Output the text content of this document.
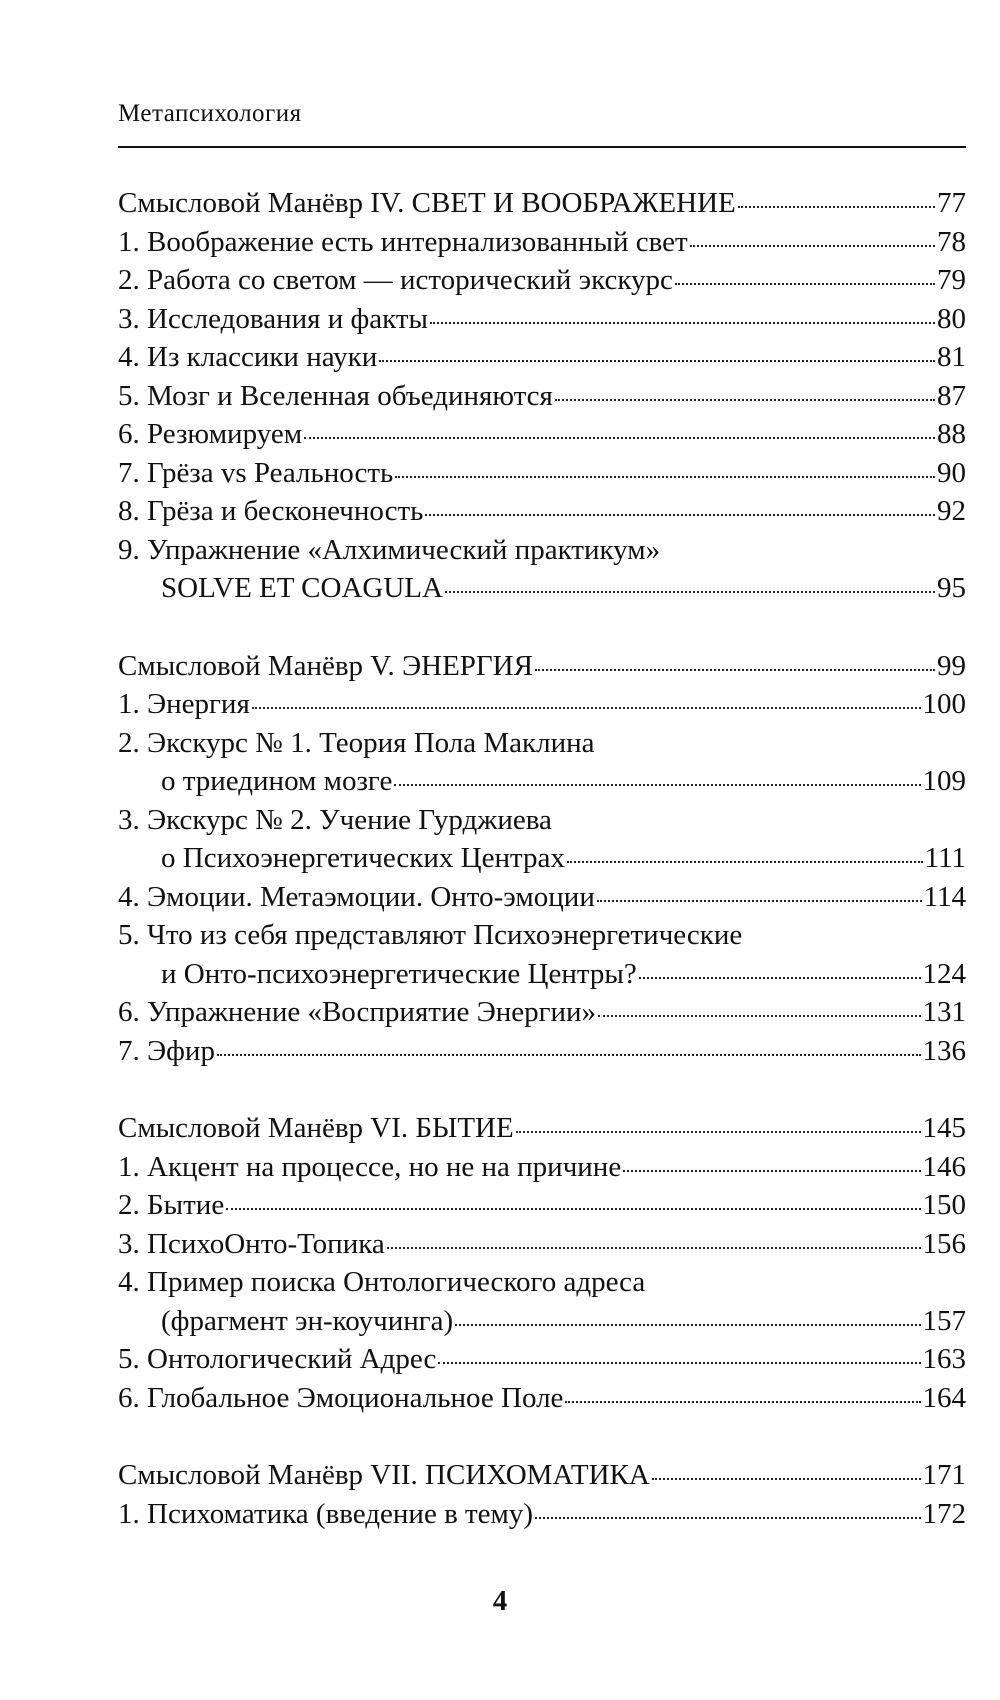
Метапсихология
Смысловой Манёвр IV. СВЕТ И ВООБРАЖЕНИЕ	77
1. Воображение есть интернализованный свет	78
2. Работа со светом — исторический экскурс	79
3. Исследования и факты	80
4. Из классики науки	81
5. Мозг и Вселенная объединяются	87
6. Резюмируем	88
7. Грёза vs Реальность	90
8. Грёза и бесконечность	92
9. Упражнение «Алхимический практикум»
SOLVE ET COAGULA	95
Смысловой Манёвр V. ЭНЕРГИЯ	99
1. Энергия	100
2. Экскурс № 1. Теория Пола Маклина
о триедином мозге	109
3. Экскурс № 2. Учение Гурджиева
о Психоэнергетических Центрах	111
4. Эмоции. Метаэмоции. Онто-эмоции	114
5. Что из себя представляют Психоэнергетические
и Онто-психоэнергетические Центры?	124
6. Упражнение «Восприятие Энергии»	131
7. Эфир	136
Смысловой Манёвр VI. БЫТИЕ	145
1. Акцент на процессе, но не на причине	146
2. Бытие	150
3. ПсихоОнто-Топика	156
4. Пример поиска Онтологического адреса
(фрагмент эн-коучинга)	157
5. Онтологический Адрес	163
6. Глобальное Эмоциональное Поле	164
Смысловой Манёвр VII. ПСИХОМАТИКА	171
1. Психоматика (введение в тему)	172
4
